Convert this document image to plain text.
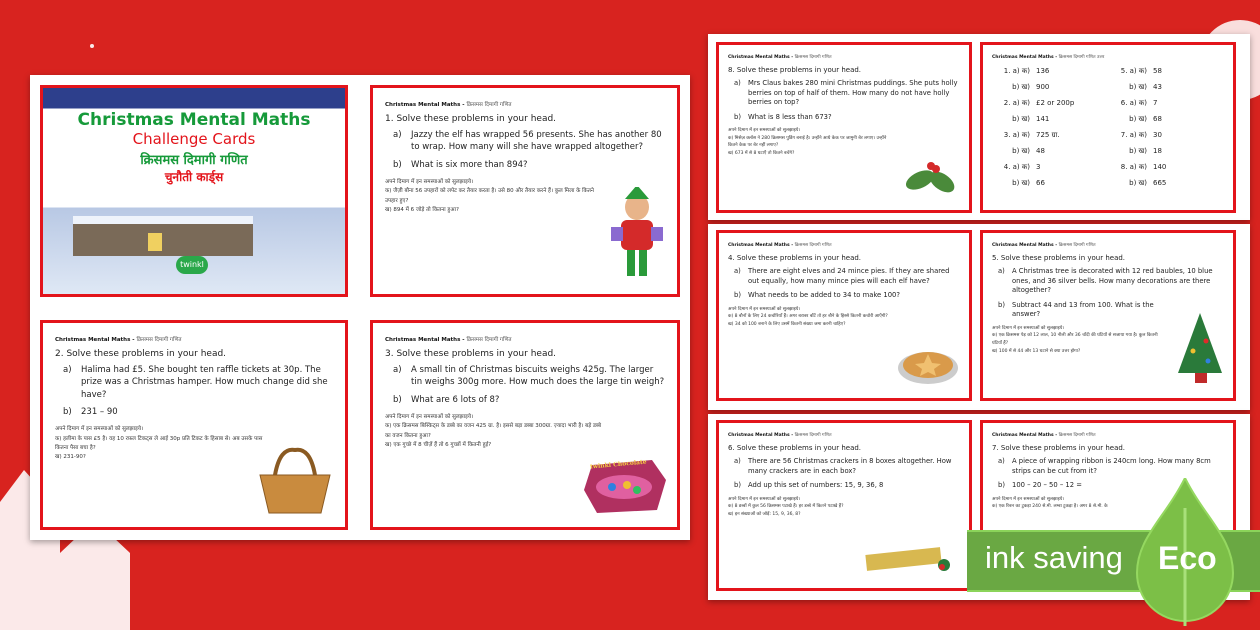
Christmas Mental Maths
Challenge Cards
क्रिसमस दिमागी गणित
चुनौती कार्ड्स
twinkl
Christmas Mental Maths - क्रिसमस दिमागी गणित
1. Solve these problems in your head.
a)	Jazzy the elf has wrapped 56 presents. She has another 80 to wrap. How many will she have wrapped altogether?
b)	What is six more than 894?
अपने दिमाग में इन समस्याओं को सुलझाइये।
क) जैज़ी बौना 56 उपहारों को लपेट कर तैयार करता है। उसे 80 और तैयार करने हैं। कुल मिला के कितने उपहार हुए?
ख) 894 में 6 जोड़े तो कितना हुआ?
Christmas Mental Maths - क्रिसमस दिमागी गणित
2. Solve these problems in your head.
a)	Halima had £5. She bought ten raffle tickets at 30p. The prize was a Christmas hamper. How much change did she have?
b)	231 – 90
अपने दिमाग में इन समस्याओं को सुलझाइये।
क) हलीमा के पास £5 है। वह 10 रफ़ल टिकट्स ले आई 30p प्रति टिकट के हिसाब से। अब उसके पास कितना पैसा बचा है?
ख) 231-90?
Christmas Mental Maths - क्रिसमस दिमागी गणित
3. Solve these problems in your head.
a)	A small tin of Christmas biscuits weighs 425g. The larger tin weighs 300g more. How much does the large tin weigh?
b)	What are 6 lots of 8?
अपने दिमाग में इन समस्याओं को सुलझाइये।
क) एक क्रिसमस बिस्किट्स के डब्बे का वजन 425 ग्रा. है। इससे बड़ा डब्बा 300ग्रा. ज़्यादा भारी है। बड़े डब्बे का वजन कितना हुआ?
ख) एक गुच्छे में 8 चीज़ें हैं तो 6 गुच्छों में कितनी हुई?
twinkl Chocolate
Christmas Mental Maths - क्रिसमस दिमागी गणित
4. Solve these problems in your head.
a)	There are eight elves and 24 mince pies. If they are shared out equally, how many mince pies will each elf have?
b)	What needs to be added to 34 to make 100?
अपने दिमाग में इन समस्याओं को सुलझाइये।
क) 8 बौनों के लिए 24 कचोरियाँ हैं। अगर बराबर बाँटें तो हर बौने के हिस्से कितनी कचोरी आएँगी?
ख) 34 को 100 बनाने के लिए उसमें कितनी संख्या जमा करनी चाहिए?
Christmas Mental Maths - क्रिसमस दिमागी गणित
5. Solve these problems in your head.
a)	A Christmas tree is decorated with 12 red baubles, 10 blue ones, and 36 silver bells. How many decorations are there altogether?
b)	Subtract 44 and 13 from 100. What is the answer?
अपने दिमाग में इन समस्याओं को सुलझाइये।
क) एक क्रिसमस पेड़ को 12 लाल, 10 नीली और 36 चाँदी की घंटियों से सजाया गया है। कुल कितनी घंटियाँ हैं?
ख) 100 में से 44 और 13 घटाने से क्या उत्तर होगा?
Christmas Mental Maths - क्रिसमस दिमागी गणित
6. Solve these problems in your head.
a)	There are 56 Christmas crackers in 8 boxes altogether. How many crackers are in each box?
b)	Add up this set of numbers: 15, 9, 36, 8
अपने दिमाग में इन समस्याओं को सुलझाइये।
क) 8 डब्बों में कुल 56 क्रिसमस पटाखे हैं। हर डब्बे में कितने पटाखे हैं?
ख) इन संख्याओं को जोड़ें: 15, 9, 36, 8?
Christmas Mental Maths - क्रिसमस दिमागी गणित
7. Solve these problems in your head.
a)	A piece of wrapping ribbon is 240cm long. How many 8cm strips can be cut from it?
b)	100 – 20 – 50 – 12 =
अपने दिमाग में इन समस्याओं को सुलझाइये।
क) एक रिबन का टुकड़ा 240 से.मी. लम्बा टुकड़ा है। अगर 8 से.मी. के
Christmas Mental Maths - क्रिसमस दिमागी गणित
8. Solve these problems in your head.
a)	Mrs Claus bakes 280 mini Christmas puddings. She puts holly berries on top of half of them. How many do not have holly berries on top?
b)	What is 8 less than 673?
अपने दिमाग में इन समस्याओं को सुलझाइये।
क) मिसेज़ क्लॉस ने 280 क्रिसमस पुडिंग बनाई है। उन्होंने आधे केक पर जामुनी बेर लगाए। उन्होंने कितने केक पर बेर नहीं लगाए?
ख) 673 में से 8 घटाएँ तो कितने बचेंगे?
Christmas Mental Maths - क्रिसमस दिमागी गणित उत्तर
1. a) क) 136	5. a) क) 58
b) ख) 900	b) ख) 43
2. a) क) £2 or 200p	6. a) क) 7
b) ख) 141	b) ख) 68
3. a) क) 725 ग्रा.	7. a) क) 30
b) ख) 48	b) ख) 18
4. a) क) 3	8. a) क) 140
b) ख) 66	b) ख) 665
ink saving Eco
